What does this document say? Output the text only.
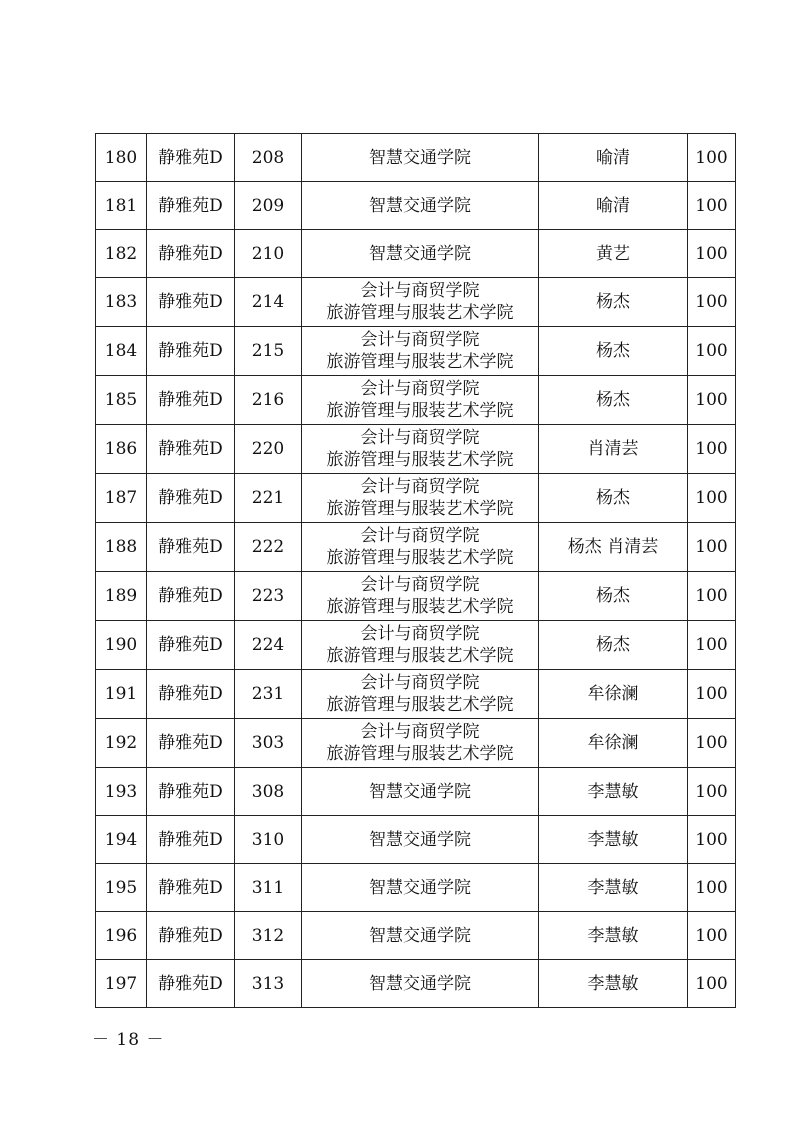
180	静雅苑D	208	智慧交通学院	喻清	100
181	静雅苑D	209	智慧交通学院	喻清	100
182	静雅苑D	210	智慧交通学院	黄艺	100
183	静雅苑D	214	会计与商贸学院
旅游管理与服装艺术学院	杨杰	100
184	静雅苑D	215	会计与商贸学院
旅游管理与服装艺术学院	杨杰	100
185	静雅苑D	216	会计与商贸学院
旅游管理与服装艺术学院	杨杰	100
186	静雅苑D	220	会计与商贸学院
旅游管理与服装艺术学院	肖清芸	100
187	静雅苑D	221	会计与商贸学院
旅游管理与服装艺术学院	杨杰	100
188	静雅苑D	222	会计与商贸学院
旅游管理与服装艺术学院	杨杰 肖清芸	100
189	静雅苑D	223	会计与商贸学院
旅游管理与服装艺术学院	杨杰	100
190	静雅苑D	224	会计与商贸学院
旅游管理与服装艺术学院	杨杰	100
191	静雅苑D	231	会计与商贸学院
旅游管理与服装艺术学院	牟徐澜	100
192	静雅苑D	303	会计与商贸学院
旅游管理与服装艺术学院	牟徐澜	100
193	静雅苑D	308	智慧交通学院	李慧敏	100
194	静雅苑D	310	智慧交通学院	李慧敏	100
195	静雅苑D	311	智慧交通学院	李慧敏	100
196	静雅苑D	312	智慧交通学院	李慧敏	100
197	静雅苑D	313	智慧交通学院	李慧敏	100
－ 18 －
